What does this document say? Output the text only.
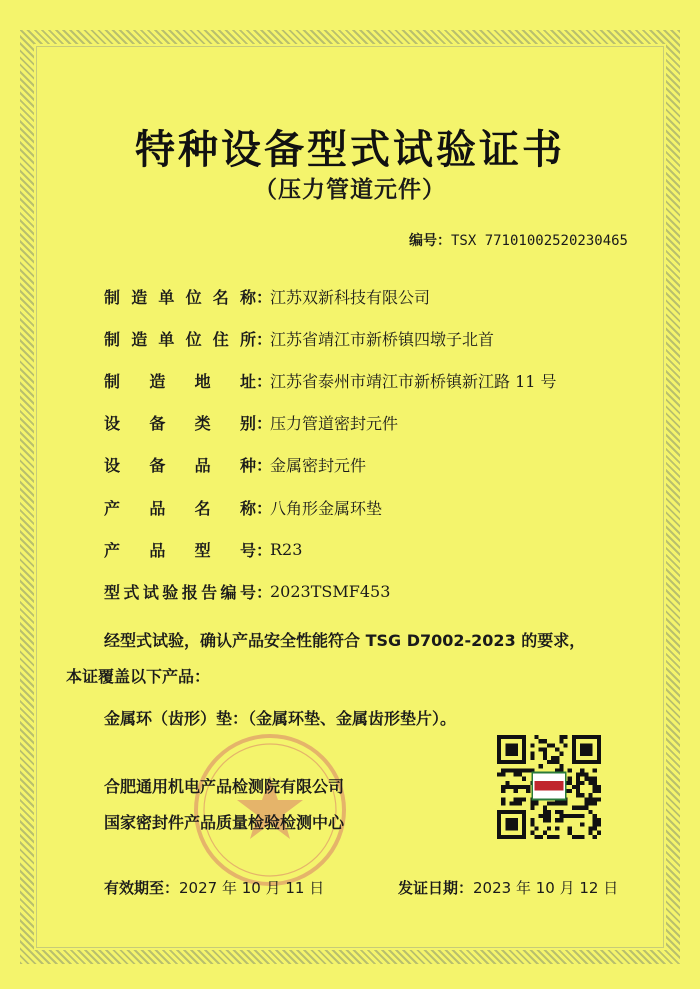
特种设备型式试验证书
（压力管道元件）
编号：TSX 77101002520230465
制造单位名称 ：
江苏双新科技有限公司
制造单位住所 ：
江苏省靖江市新桥镇四墩子北首
制造地址 ：
江苏省泰州市靖江市新桥镇新江路 11 号
设备类别 ：
压力管道密封元件
设备品种 ：
金属密封元件
产品名称 ：
八角形金属环垫
产品型号 ：
R23
型式试验报告编号 ：
2023TSMF453
经型式试验，确认产品安全性能符合 TSG D7002-2023 的要求，
本证覆盖以下产品：
金属环（齿形）垫：（金属环垫、金属齿形垫片）。
合肥通用机电产品检测院有限公司
国家密封件产品质量检验检测中心
有效期至：2027 年 10 月 11 日	发证日期：2023 年 10 月 12 日
